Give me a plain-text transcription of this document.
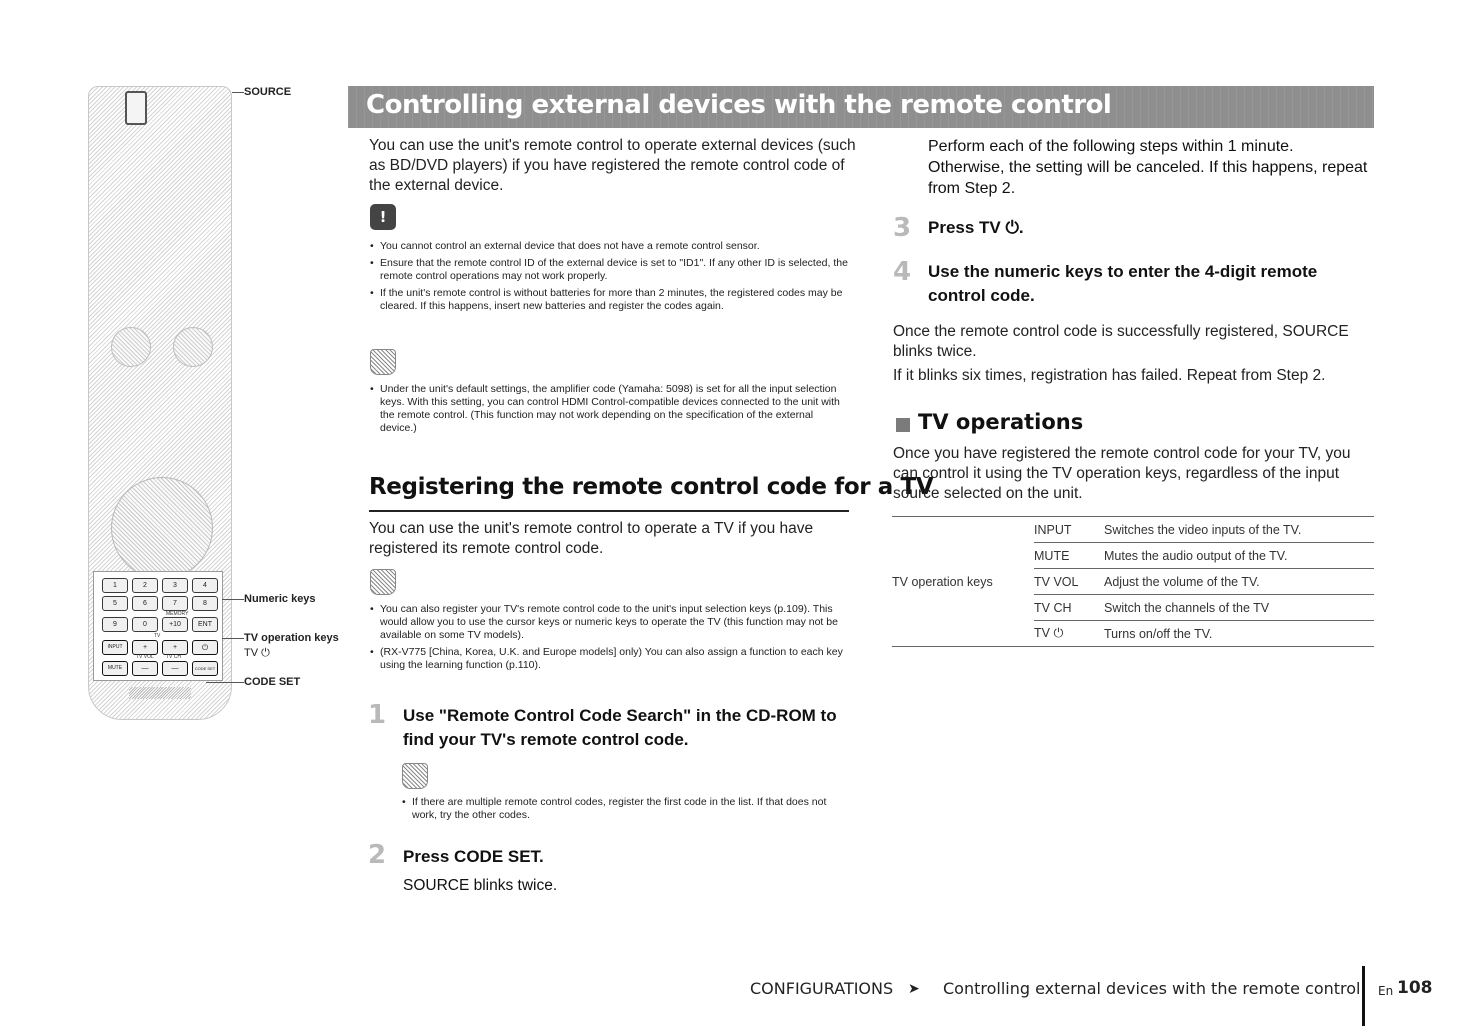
1	2	3	4
5	6	7	8
MEMORY
9	0	+10	ENT
TV
INPUT	+	+	⏻
TV VOL TV CH
MUTE	—	—	CODE SET
SOURCE
Numeric keys
TV operation keys
TV ⏻
CODE SET
Controlling external devices with the remote control
You can use the unit's remote control to operate external devices (such as BD/DVD players) if you have registered the remote control code of the external device.
!
• You cannot control an external device that does not have a remote control sensor.
• Ensure that the remote control ID of the external device is set to "ID1". If any other ID is selected, the remote control operations may not work properly.
• If the unit's remote control is without batteries for more than 2 minutes, the registered codes may be cleared. If this happens, insert new batteries and register the codes again.
• Under the unit's default settings, the amplifier code (Yamaha: 5098) is set for all the input selection keys. With this setting, you can control HDMI Control-compatible devices connected to the unit with the remote control. (This function may not work depending on the specification of the external device.)
Registering the remote control code for a TV
You can use the unit's remote control to operate a TV if you have registered its remote control code.
• You can also register your TV's remote control code to the unit's input selection keys (p.109). This would allow you to use the cursor keys or numeric keys to operate the TV (this function may not be available on some TV models).
• (RX-V775 [China, Korea, U.K. and Europe models] only) You can also assign a function to each key using the learning function (p.110).
1 Use "Remote Control Code Search" in the CD-ROM to find your TV's remote control code.
• If there are multiple remote control codes, register the first code in the list. If that does not work, try the other codes.
2 Press CODE SET.
SOURCE blinks twice.
Perform each of the following steps within 1 minute. Otherwise, the setting will be canceled. If this happens, repeat from Step 2.
3 Press TV ⏻.
4 Use the numeric keys to enter the 4-digit remote control code.
Once the remote control code is successfully registered, SOURCE blinks twice.
If it blinks six times, registration has failed. Repeat from Step 2.
TV operations
Once you have registered the remote control code for your TV, you can control it using the TV operation keys, regardless of the input source selected on the unit.
TV operation keys	INPUT	Switches the video inputs of the TV.
	MUTE	Mutes the audio output of the TV.
	TV VOL	Adjust the volume of the TV.
	TV CH	Switch the channels of the TV
	TV ⏻	Turns on/off the TV.
CONFIGURATIONS ➤ Controlling external devices with the remote control En 108
